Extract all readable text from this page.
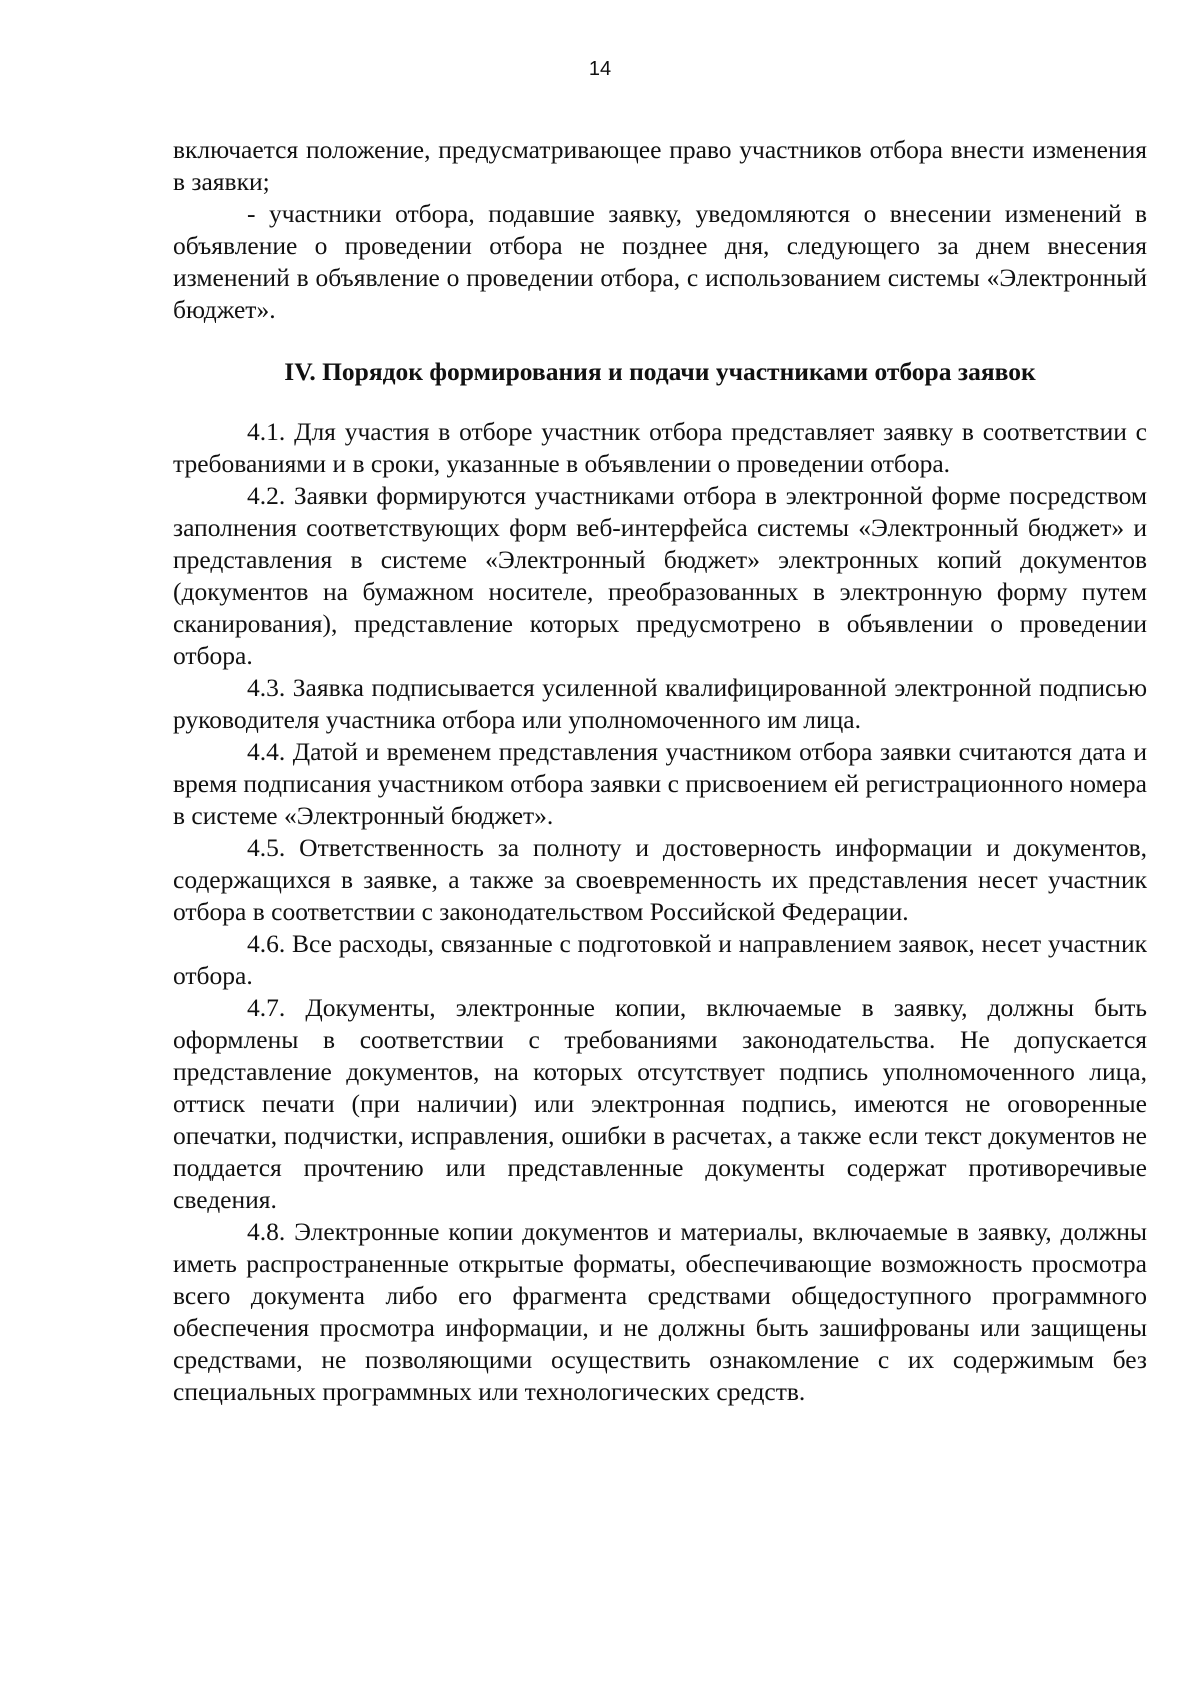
14

включается положение, предусматривающее право участников отбора внести изменения в заявки;

- участники отбора, подавшие заявку, уведомляются о внесении изменений в объявление о проведении отбора не позднее дня, следующего за днем внесения изменений в объявление о проведении отбора, с использованием системы «Электронный бюджет».

IV. Порядок формирования и подачи участниками отбора заявок

4.1. Для участия в отборе участник отбора представляет заявку в соответствии с требованиями и в сроки, указанные в объявлении о проведении отбора.

4.2. Заявки формируются участниками отбора в электронной форме посредством заполнения соответствующих форм веб-интерфейса системы «Электронный бюджет» и представления в системе «Электронный бюджет» электронных копий документов (документов на бумажном носителе, преобразованных в электронную форму путем сканирования), представление которых предусмотрено в объявлении о проведении отбора.

4.3. Заявка подписывается усиленной квалифицированной электронной подписью руководителя участника отбора или уполномоченного им лица.

4.4. Датой и временем представления участником отбора заявки считаются дата и время подписания участником отбора заявки с присвоением ей регистрационного номера в системе «Электронный бюджет».

4.5. Ответственность за полноту и достоверность информации и документов, содержащихся в заявке, а также за своевременность их представления несет участник отбора в соответствии с законодательством Российской Федерации.

4.6. Все расходы, связанные с подготовкой и направлением заявок, несет участник отбора.

4.7. Документы, электронные копии, включаемые в заявку, должны быть оформлены в соответствии с требованиями законодательства. Не допускается представление документов, на которых отсутствует подпись уполномоченного лица, оттиск печати (при наличии) или электронная подпись, имеются не оговоренные опечатки, подчистки, исправления, ошибки в расчетах, а также если текст документов не поддается прочтению или представленные документы содержат противоречивые сведения.

4.8. Электронные копии документов и материалы, включаемые в заявку, должны иметь распространенные открытые форматы, обеспечивающие возможность просмотра всего документа либо его фрагмента средствами общедоступного программного обеспечения просмотра информации, и не должны быть зашифрованы или защищены средствами, не позволяющими осуществить ознакомление с их содержимым без специальных программных или технологических средств.
